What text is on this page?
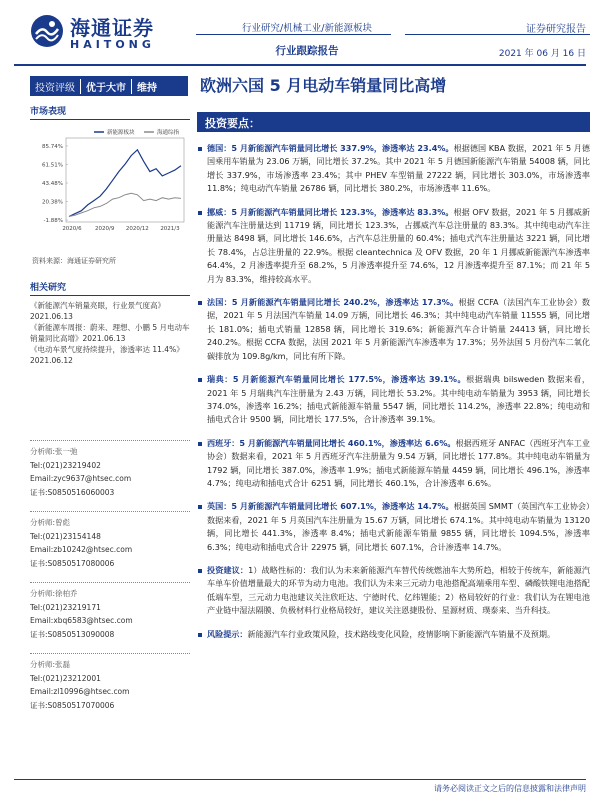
海通证券
HAITONG
行业研究/机械工业/新能源板块
行业跟踪报告
证券研究报告
2021 年 06 月 16 日
投资评级	优于大市	维持	欧洲六国 5 月电动车销量同比高增
市场表现
85.74%
61.51%
43.48%
20.38%
-1.88%
2020/6 2020/9 2020/12 2021/3
新能源板块	海通综指
资料来源：海通证券研究所
相关研究
《新能源汽车销量亮眼，行业景气度高》
2021.06.13
《新能源车周报：蔚来、理想、小鹏 5 月电动车销量同比高增》2021.06.13
《电动车景气度持续提升，渗透率达 11.4%》2021.06.12
分析师:张一弛
Tel:(021)23219402
Email:zyc9637@htsec.com
证书:S0850516060003
分析师:曾彪
Tel:(021)23154148
Email:zb10242@htsec.com
证书:S0850517080006
分析师:徐柏乔
Tel:(021)23219171
Email:xbq6583@htsec.com
证书:S0850513090008
分析师:张磊
Tel:(021)23212001
Email:zl10996@htsec.com
证书:S0850517070006
投资要点：
德国：5 月新能源汽车销量同比增长 337.9%，渗透率达 23.4%。根据德国 KBA 数据，2021 年 5 月德国乘用车销量为 23.06 万辆，同比增长 37.2%。其中 2021 年 5 月德国新能源汽车销量 54008 辆，同比增长 337.9%，市场渗透率 23.4%；其中 PHEV 车型销量 27222 辆，同比增长 303.0%，市场渗透率 11.8%；纯电动汽车销量 26786 辆，同比增长 380.2%，市场渗透率 11.6%。
挪威：5 月新能源汽车销量同比增长 123.3%，渗透率达 83.3%。根据 OFV 数据，2021 年 5 月挪威新能源汽车注册量达到 11719 辆，同比增长 123.3%，占挪威汽车总注册量的 83.3%。其中纯电动汽车注册量达 8498 辆，同比增长 146.6%，占汽车总注册量的 60.4%；插电式汽车注册量达 3221 辆，同比增长 78.4%，占总注册量的 22.9%。根据 cleantechnica 及 OFV 数据，20 年 1 月挪威新能源汽车渗透率 64.4%，2 月渗透率提升至 68.2%，5 月渗透率提升至 74.6%，12 月渗透率提升至 87.1%；而 21 年 5 月为 83.3%，维持较高水平。
法国：5 月新能源汽车销量同比增长 240.2%，渗透率达 17.3%。根据 CCFA（法国汽车工业协会）数据，2021 年 5 月法国汽车销量 14.09 万辆，同比增长 46.3%；其中纯电动汽车销量 11555 辆，同比增长 181.0%；插电式销量 12858 辆，同比增长 319.6%；新能源汽车合计销量 24413 辆，同比增长 240.2%。根据 CCFA 数据，法国 2021 年 5 月新能源汽车渗透率为 17.3%；另外法国 5 月份汽车二氧化碳排放为 109.8g/km，同比有所下降。
瑞典：5 月新能源汽车销量同比增长 177.5%，渗透率达 39.1%。根据瑞典 bilsweden 数据来看，2021 年 5 月瑞典汽车注册量为 2.43 万辆，同比增长 53.2%。其中纯电动车销量为 3953 辆，同比增长 374.0%，渗透率 16.2%；插电式新能源车销量 5547 辆，同比增长 114.2%，渗透率 22.8%；纯电动和插电式合计 9500 辆，同比增长 177.5%，合计渗透率 39.1%。
西班牙：5 月新能源汽车销量同比增长 460.1%，渗透率达 6.6%。根据西班牙 ANFAC（西班牙汽车工业协会）数据来看，2021 年 5 月西班牙汽车注册量为 9.54 万辆，同比增长 177.8%。其中纯电动车销量为 1792 辆，同比增长 387.0%，渗透率 1.9%；插电式新能源车销量 4459 辆，同比增长 496.1%，渗透率 4.7%；纯电动和插电式合计 6251 辆，同比增长 460.1%，合计渗透率 6.6%。
英国：5 月新能源汽车销量同比增长 607.1%，渗透率达 14.7%。根据英国 SMMT（英国汽车工业协会）数据来看，2021 年 5 月英国汽车注册量为 15.67 万辆，同比增长 674.1%。其中纯电动车销量为 13120 辆，同比增长 441.3%，渗透率 8.4%；插电式新能源车销量 9855 辆，同比增长 1094.5%，渗透率 6.3%；纯电动和插电式合计 22975 辆，同比增长 607.1%，合计渗透率 14.7%。
投资建议：1）战略性标的：我们认为未来新能源汽车替代传统燃油车大势所趋，相较于传统车，新能源汽车单车价值增量最大的环节为动力电池。我们认为未来三元动力电池搭配高端乘用车型、磷酸铁锂电池搭配低端车型，三元动力电池建议关注欣旺达、宁德时代、亿纬锂能；2）格局较好的行业：我们认为在锂电池产业链中湿法隔膜、负极材料行业格局较好，建议关注恩捷股份、星源材质、璞泰来、当升科技。
风险提示：新能源汽车行业政策风险，技术路线变化风险，疫情影响下新能源汽车销量不及预期。
请务必阅读正文之后的信息披露和法律声明
